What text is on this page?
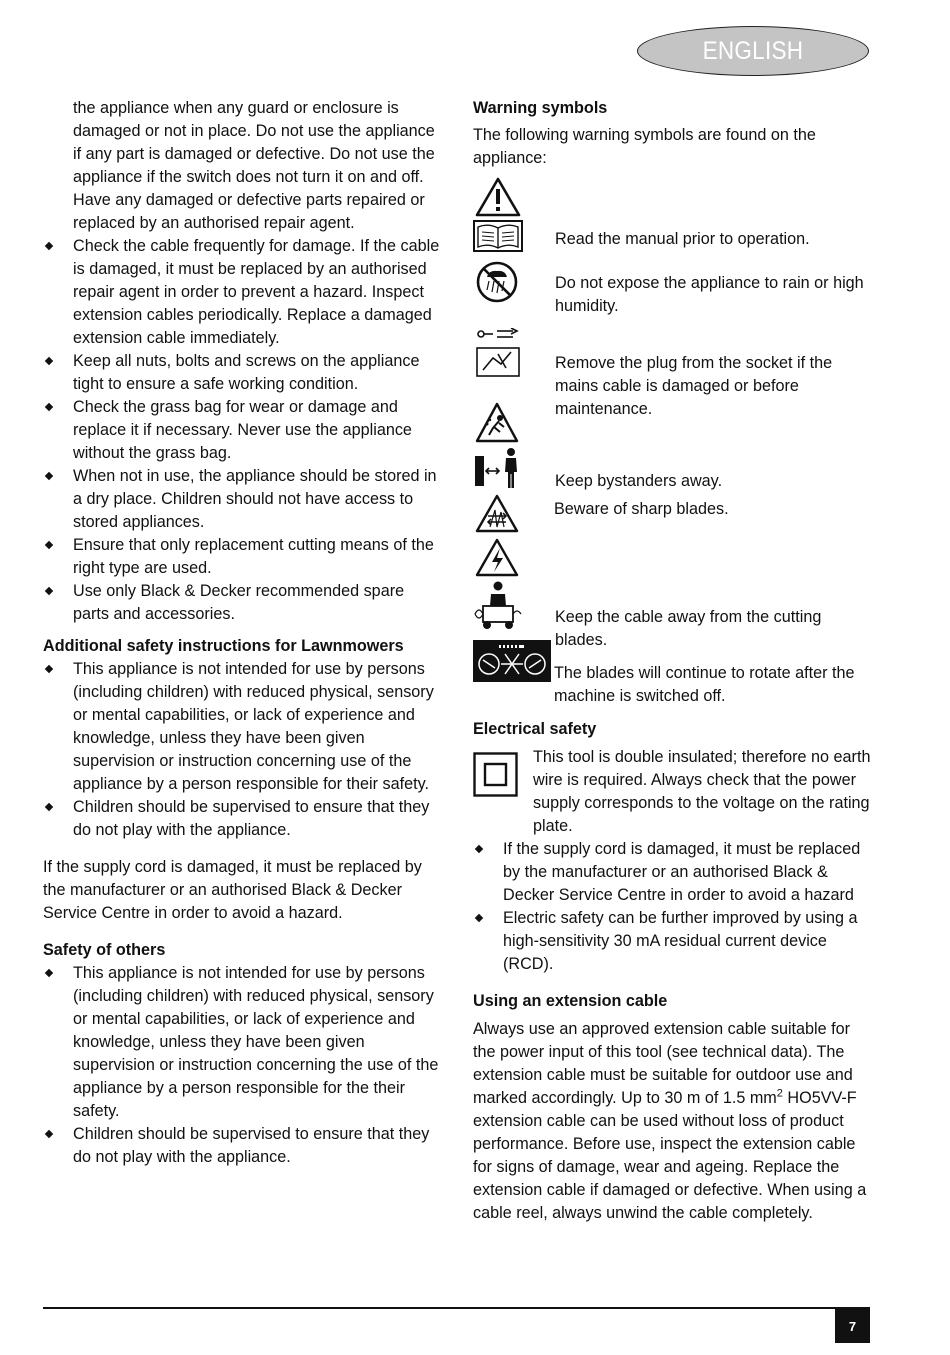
ENGLISH

the appliance when any guard or enclosure is damaged or not in place. Do not use the appliance if any part is damaged or defective. Do not use the appliance if the switch does not turn it on and off. Have any damaged or defective parts repaired or replaced by an authorised repair agent.

Check the cable frequently for damage. If the cable is damaged, it must be replaced by an authorised repair agent in order to prevent a hazard. Inspect extension cables periodically. Replace a damaged extension cable immediately.

Keep all nuts, bolts and screws on the appliance tight to ensure a safe working condition.

Check the grass bag for wear or damage and replace it if necessary. Never use the appliance without the grass bag.

When not in use, the appliance should be stored in a dry place. Children should not have access to stored appliances.

Ensure that only replacement cutting means of the right type are used.

Use only Black & Decker recommended spare parts and accessories.

Additional safety instructions for Lawnmowers

This appliance is not intended for use by persons (including children) with reduced physical, sensory or mental capabilities, or lack of experience and knowledge, unless they have been given supervision or instruction concerning use of the appliance by a person responsible for their safety.

Children should be supervised to ensure that they do not play with the appliance.

If the supply cord is damaged, it must be replaced by the manufacturer or an authorised Black & Decker Service Centre in order to avoid a hazard.

Safety of others

This appliance is not intended for use by persons (including children) with reduced physical, sensory or mental capabilities, or lack of experience and knowledge, unless they have been given supervision or instruction concerning the use of the appliance by a person responsible for the their safety.

Children should be supervised to ensure that they do not play with the appliance.

Warning symbols

The following warning symbols are found on the appliance:

Read the manual prior to operation.
Do not expose the appliance to rain or high humidity.
Remove the plug from the socket if the mains cable is damaged or before maintenance.
Keep bystanders away.
Beware of sharp blades.
Keep the cable away from the cutting blades.
The blades will continue to rotate after the machine is switched off.

Electrical safety

This tool is double insulated; therefore no earth wire is required. Always check that the power supply corresponds to the voltage on the rating plate.

If the supply cord is damaged, it must be replaced by the manufacturer or an authorised Black & Decker Service Centre in order to avoid a hazard

Electric safety can be further improved by using a high-sensitivity 30 mA residual current device (RCD).

Using an extension cable

Always use an approved extension cable suitable for the power input of this tool (see technical data). The extension cable must be suitable for outdoor use and marked accordingly. Up to 30 m of 1.5 $mm^2$ HO5VV-F extension cable can be used without loss of product performance. Before use, inspect the extension cable for signs of damage, wear and ageing. Replace the extension cable if damaged or defective. When using a cable reel, always unwind the cable completely.

7
